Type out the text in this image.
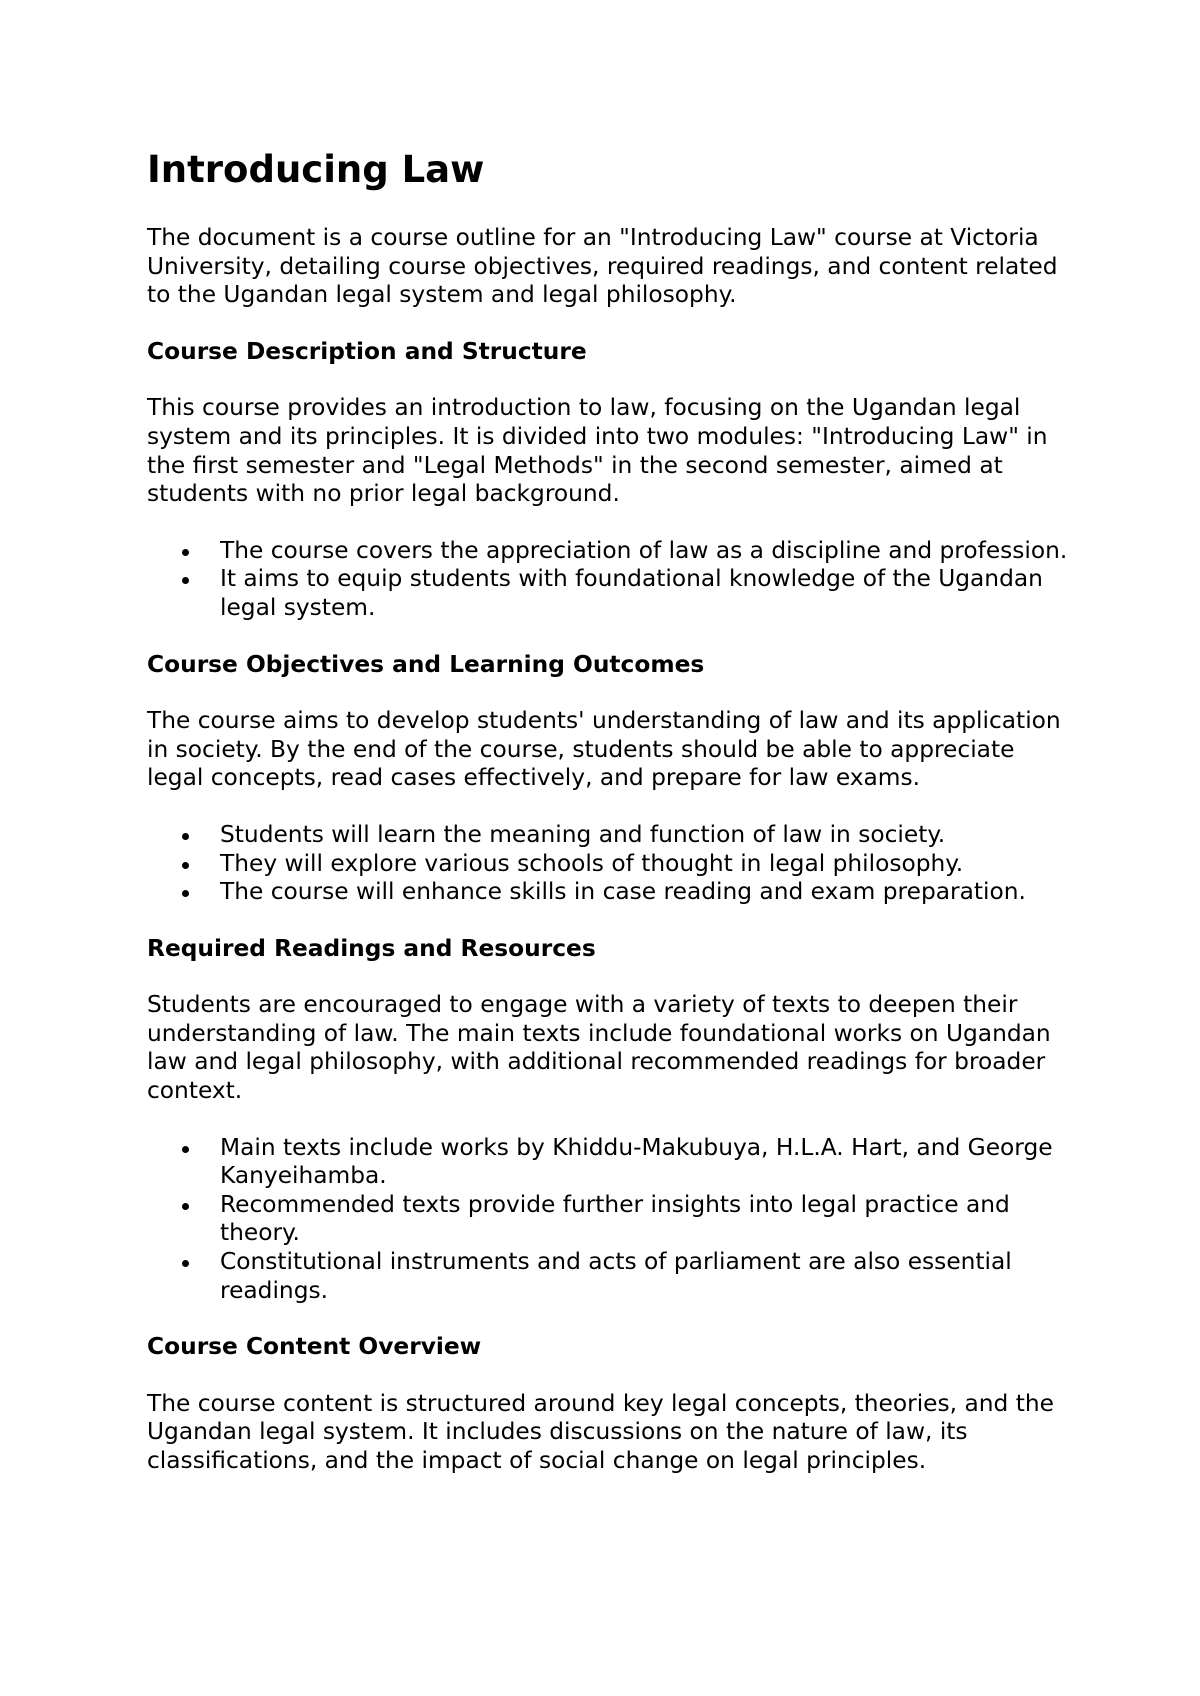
Introducing Law

The document is a course outline for an "Introducing Law" course at Victoria University, detailing course objectives, required readings, and content related to the Ugandan legal system and legal philosophy.

Course Description and Structure

This course provides an introduction to law, focusing on the Ugandan legal system and its principles. It is divided into two modules: "Introducing Law" in the first semester and "Legal Methods" in the second semester, aimed at students with no prior legal background.

The course covers the appreciation of law as a discipline and profession.
It aims to equip students with foundational knowledge of the Ugandan legal system.
Course Objectives and Learning Outcomes

The course aims to develop students' understanding of law and its application in society. By the end of the course, students should be able to appreciate legal concepts, read cases effectively, and prepare for law exams.

Students will learn the meaning and function of law in society.
They will explore various schools of thought in legal philosophy.
The course will enhance skills in case reading and exam preparation.
Required Readings and Resources

Students are encouraged to engage with a variety of texts to deepen their understanding of law. The main texts include foundational works on Ugandan law and legal philosophy, with additional recommended readings for broader context.

Main texts include works by Khiddu-Makubuya, H.L.A. Hart, and George Kanyeihamba.
Recommended texts provide further insights into legal practice and theory.
Constitutional instruments and acts of parliament are also essential readings.
Course Content Overview

The course content is structured around key legal concepts, theories, and the Ugandan legal system. It includes discussions on the nature of law, its classifications, and the impact of social change on legal principles.
